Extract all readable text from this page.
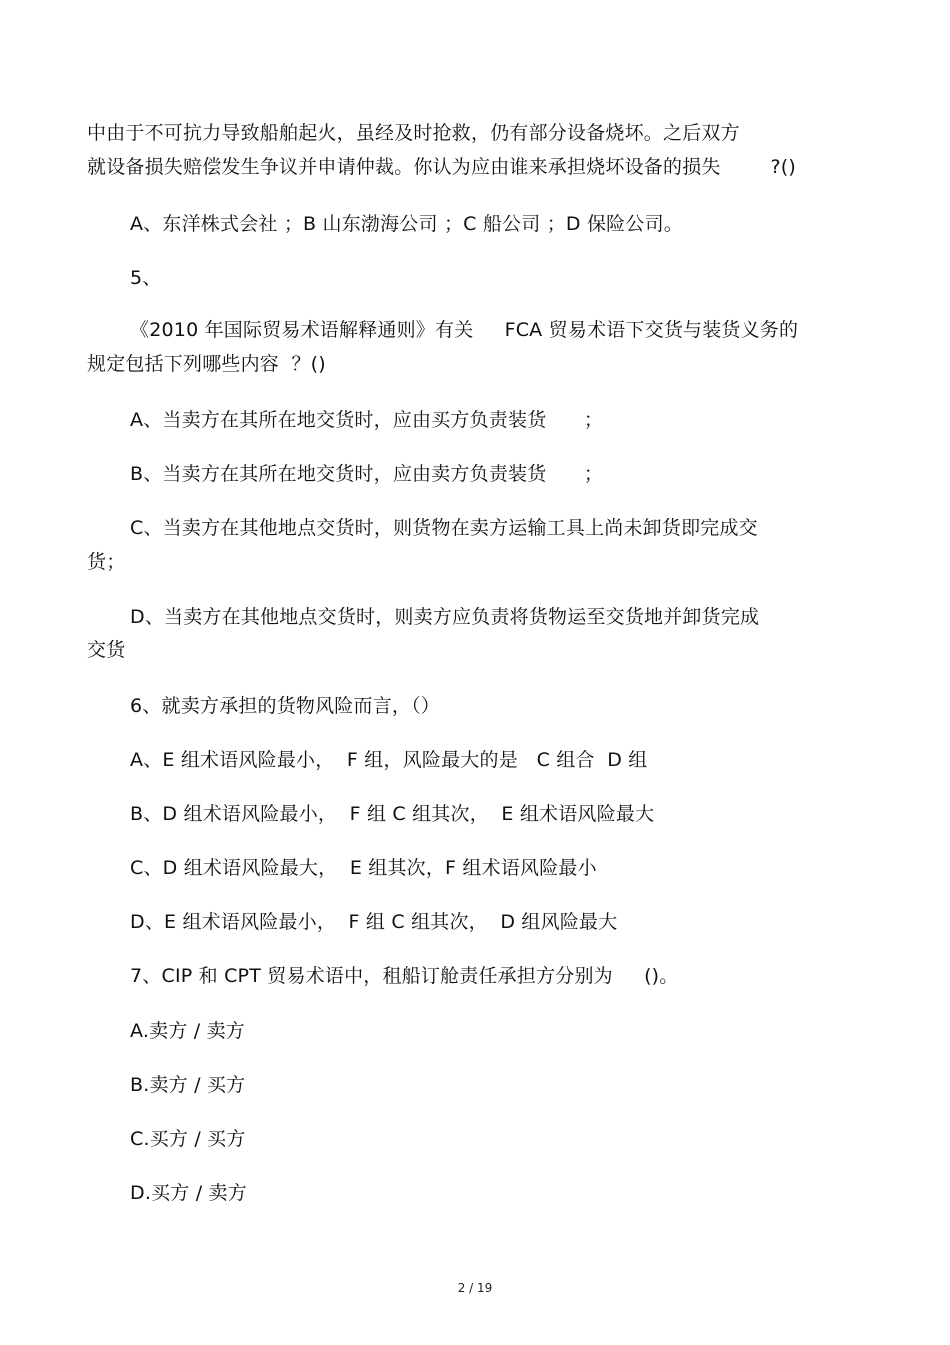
中由于不可抗力导致船舶起火，虽经及时抢救，仍有部分设备烧坏。之后双方
就设备损失赔偿发生争议并申请仲裁。你认为应由谁来承担烧坏设备的损失        ?()
A、东洋株式会社 ；B 山东渤海公司 ；C 船公司 ；D 保险公司。
5、
《2010 年国际贸易术语解释通则》有关     FCA 贸易术语下交货与装货义务的
规定包括下列哪些内容  ？()
A、当卖方在其所在地交货时，应由买方负责装货      ；
B、当卖方在其所在地交货时，应由卖方负责装货      ；
C、当卖方在其他地点交货时，则货物在卖方运输工具上尚未卸货即完成交
货；
D、当卖方在其他地点交货时，则卖方应负责将货物运至交货地并卸货完成
交货
6、就卖方承担的货物风险而言，（）
A、E 组术语风险最小，  F 组，风险最大的是   C 组合  D 组
B、D 组术语风险最小，  F 组 C 组其次，  E 组术语风险最大
C、D 组术语风险最大，  E 组其次，F 组术语风险最小
D、E 组术语风险最小，  F 组 C 组其次，  D 组风险最大
7、CIP 和 CPT 贸易术语中，租船订舱责任承担方分别为     ()。
A.卖方 / 卖方
B.卖方 / 买方
C.买方 / 买方
D.买方 / 卖方
2 / 19
